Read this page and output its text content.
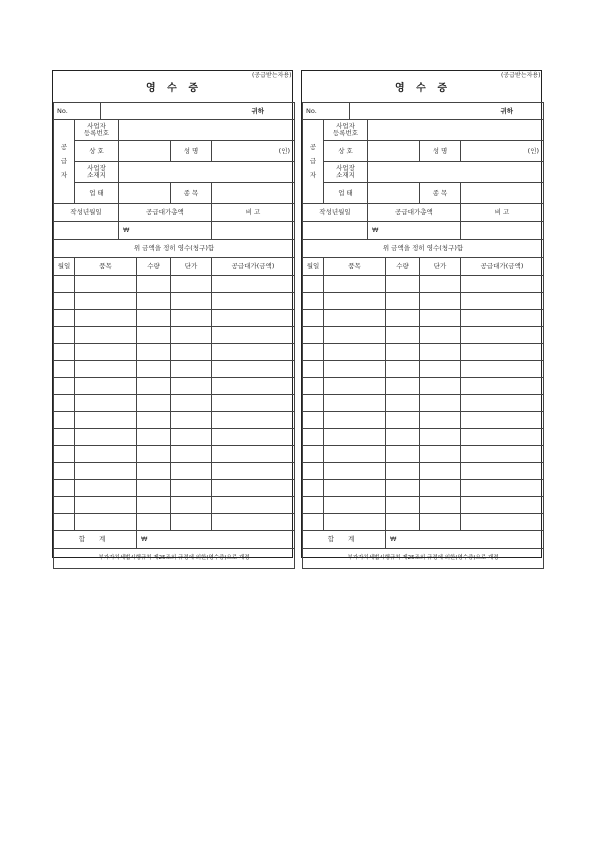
(공급받는자용)
영 수 증						

No.		귀하				
공

급

자	사업자
등록번호					
	상 호				성 명	(인)
	사업장
소재지					
	업 태				종 목	
작성년월일			공급대가총액			비 고
			₩			
위 금액을 정히 영수(청구)함						
월일	품목			수량	단가	공급대가(금액)

합 계				₩		
부가가치세법시행규칙 제25조의 규정에 의한(영수증)으로 개정						
(공급받는자용)
영 수 증						

No.		귀하				
공

급

자	사업자
등록번호					
	상 호				성 명	(인)
	사업장
소재지					
	업 태				종 목	
작성년월일			공급대가총액			비 고
			₩			
위 금액을 정히 영수(청구)함						
월일	품목			수량	단가	공급대가(금액)

합 계				₩		
부가가치세법시행규칙 제25조의 규정에 의한(영수증)으로 개정						
